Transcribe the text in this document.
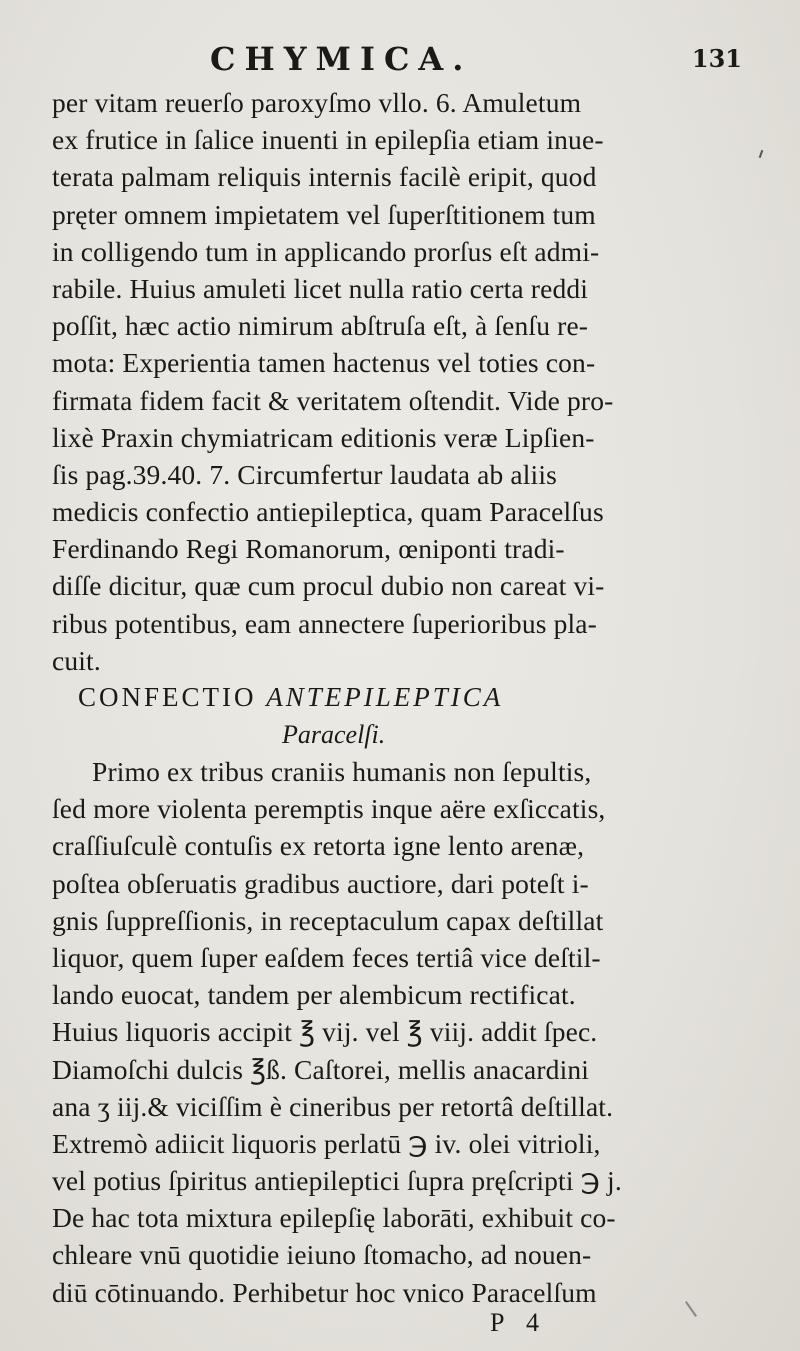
CHYMICA.	131
per vitam reuerſo paroxyſmo vllo. 6. Amuletum
ex frutice in ſalice inuenti in epilepſia etiam inue-
terata palmam reliquis internis facilè eripit, quod
pręter omnem impietatem vel ſuperſtitionem tum
in colligendo tum in applicando prorſus eſt admi-
rabile. Huius amuleti licet nulla ratio certa reddi
poſſit, hæc actio nimirum abſtruſa eſt, à ſenſu re-
mota: Experientia tamen hactenus vel toties con-
firmata fidem facit & veritatem oſtendit. Vide pro-
lixè Praxin chymiatricam editionis veræ Lipſien-
ſis pag.39.40. 7. Circumfertur laudata ab aliis
medicis confectio antiepileptica, quam Paracelſus
Ferdinando Regi Romanorum, œniponti tradi-
diſſe dicitur, quæ cum procul dubio non careat vi-
ribus potentibus, eam annectere ſuperioribus pla-
cuit.
CONFECTIO ANTEPILEPTICA
Paracelſi.
Primo ex tribus craniis humanis non ſepultis,
ſed more violenta peremptis inque aëre exſiccatis,
craſſiuſculè contuſis ex retorta igne lento arenæ,
poſtea obſeruatis gradibus auctiore, dari poteſt i-
gnis ſuppreſſionis, in receptaculum capax deſtillat
liquor, quem ſuper eaſdem feces tertiâ vice deſtil-
lando euocat, tandem per alembicum rectificat.
Huius liquoris accipit ℥ vij. vel ℥ viij. addit ſpec.
Diamoſchi dulcis ℥ß. Caſtorei, mellis anacardini
ana ʒ iij.& viciſſim è cineribus per retortâ deſtillat.
Extremò adiicit liquoris perlatū ℈ iv. olei vitrioli,
vel potius ſpiritus antiepileptici ſupra pręſcripti ℈ j.
De hac tota mixtura epilepſię laborāti, exhibuit co-
chleare vnū quotidie ieiuno ſtomacho, ad nouen-
diū cōtinuando. Perhibetur hoc vnico Paracelſum
P 4
